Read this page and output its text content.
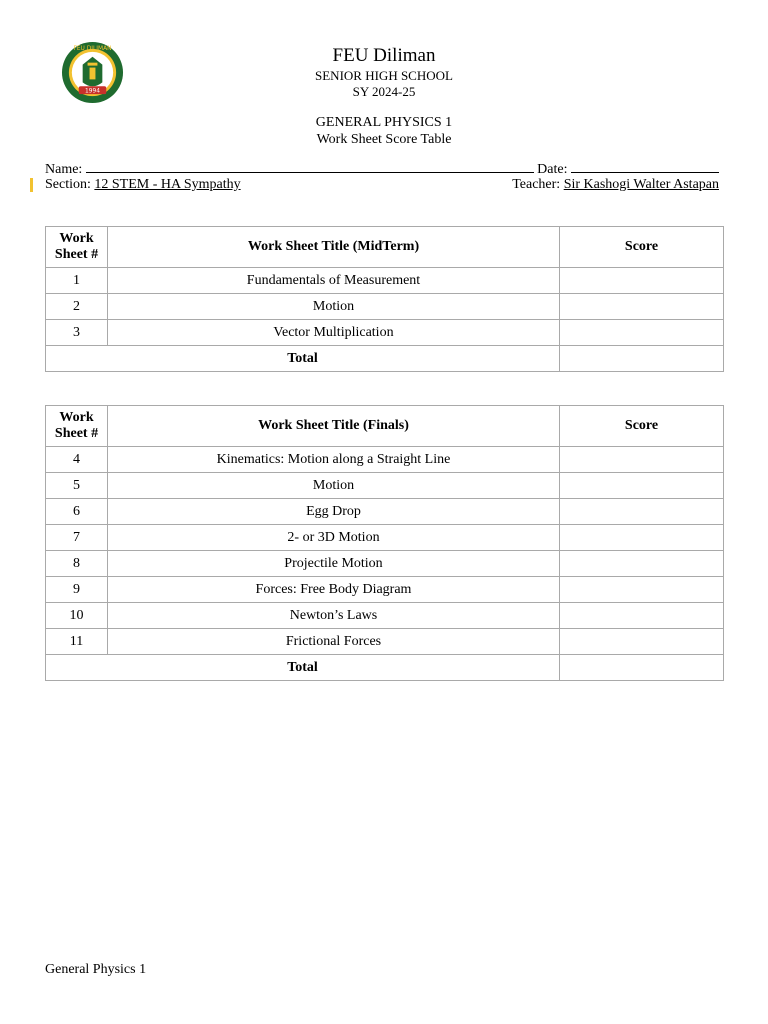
FEU DILIMAN
1994
FEU Diliman
SENIOR HIGH SCHOOL
SY 2024-25
GENERAL PHYSICS 1
Work Sheet Score Table
Name:	Date:
Section: 12 STEM - HA Sympathy	Teacher: Sir Kashogi Walter Astapan
Work
Sheet #	Work Sheet Title (MidTerm)	Score
1	Fundamentals of Measurement	
2	Motion	
3	Vector Multiplication	
Total		
Work
Sheet #	Work Sheet Title (Finals)	Score
4	Kinematics: Motion along a Straight Line	
5	Motion	
6	Egg Drop	
7	2- or 3D Motion	
8	Projectile Motion	
9	Forces: Free Body Diagram	
10	Newton’s Laws	
11	Frictional Forces	
Total		
General Physics 1
